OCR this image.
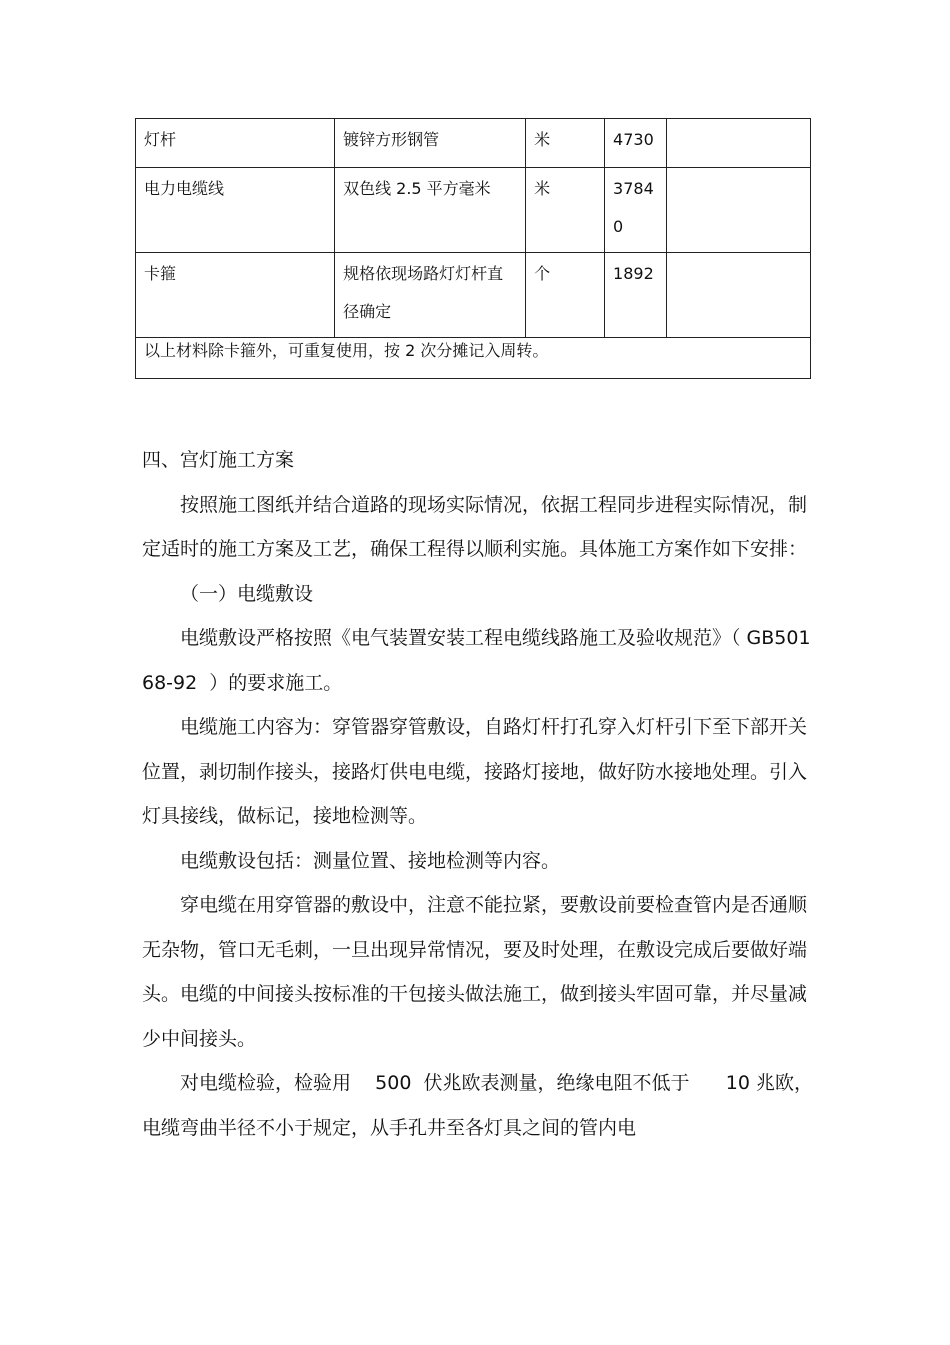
灯杆	镀锌方形钢管	米	4730	
电力电缆线	双色线 2.5 平方毫米	米	37840	
卡箍	规格依现场路灯灯杆直径确定	个	1892	
以上材料除卡箍外，可重复使用，按 2 次分摊记入周转。				

四、宫灯施工方案

按照施工图纸并结合道路的现场实际情况，依据工程同步进程实际情况，制定适时的施工方案及工艺，确保工程得以顺利实施。具体施工方案作如下安排：

（一）电缆敷设

电缆敷设严格按照《电气装置安装工程电缆线路施工及验收规范》（ GB50168-92  ）的要求施工。

电缆施工内容为：穿管器穿管敷设，自路灯杆打孔穿入灯杆引下至下部开关位置，剥切制作接头，接路灯供电电缆，接路灯接地，做好防水接地处理。引入灯具接线，做标记，接地检测等。

电缆敷设包括：测量位置、接地检测等内容。

穿电缆在用穿管器的敷设中，注意不能拉紧，要敷设前要检查管内是否通顺无杂物，管口无毛刺，一旦出现异常情况，要及时处理，在敷设完成后要做好端头。电缆的中间接头按标准的干包接头做法施工，做到接头牢固可靠，并尽量减少中间接头。

对电缆检验，检验用    500  伏兆欧表测量，绝缘电阻不低于      10 兆欧，电缆弯曲半径不小于规定，从手孔井至各灯具之间的管内电
